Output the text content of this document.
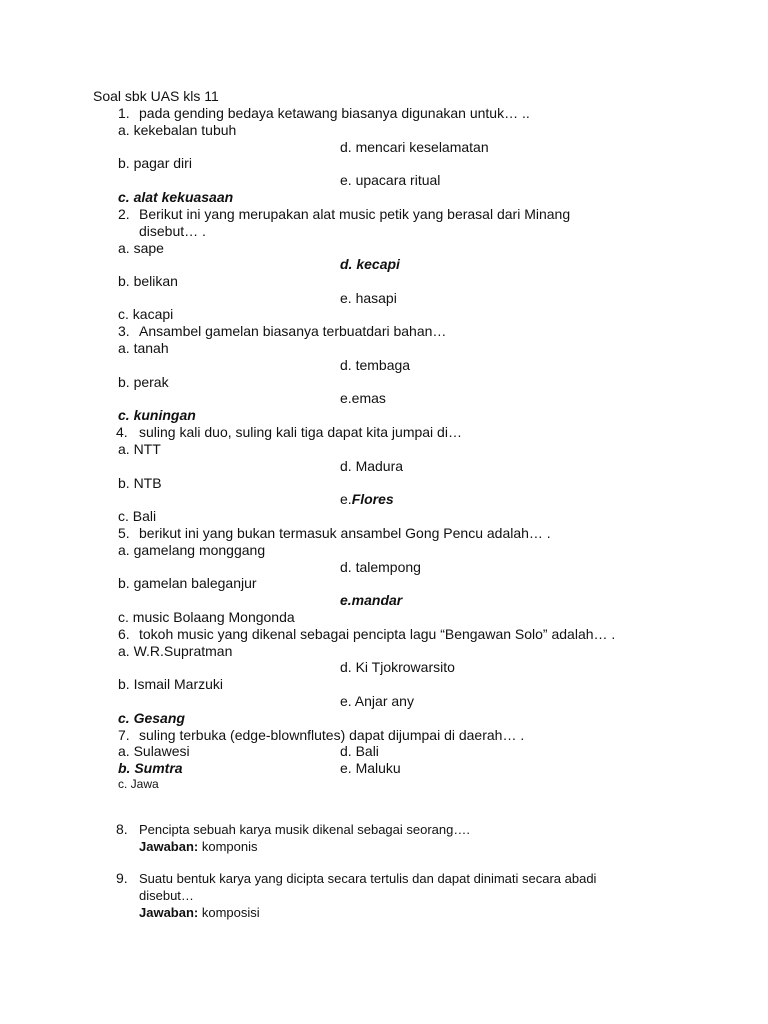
Soal sbk UAS kls 11
1. pada gending bedaya ketawang biasanya digunakan untuk… ..
a. kekebalan tubuh
d. mencari keselamatan
b. pagar diri
e. upacara ritual
c. alat kekuasaan
2. Berikut ini yang merupakan alat music petik yang berasal dari Minang
disebut… .
a. sape
d. kecapi
b. belikan
e. hasapi
c. kacapi
3. Ansambel gamelan biasanya terbuatdari bahan…
a. tanah
d. tembaga
b. perak
e.emas
c. kuningan
4. suling kali duo, suling kali tiga dapat kita jumpai di…
a. NTT
d. Madura
b. NTB
e.Flores
c. Bali
5. berikut ini yang bukan termasuk ansambel Gong Pencu adalah… .
a. gamelang monggang
d. talempong
b. gamelan baleganjur
e.mandar
c. music Bolaang Mongonda
6. tokoh music yang dikenal sebagai pencipta lagu “Bengawan Solo” adalah… .
a. W.R.Supratman
d. Ki Tjokrowarsito
b. Ismail Marzuki
e. Anjar any
c. Gesang
7. suling terbuka (edge-blownflutes) dapat dijumpai di daerah… .
a. Sulawesi	d. Bali
b. Sumtra	e. Maluku
c. Jawa
8. Pencipta sebuah karya musik dikenal sebagai seorang….
Jawaban: komponis
9. Suatu bentuk karya yang dicipta secara tertulis dan dapat dinimati secara abadi
disebut…
Jawaban: komposisi
